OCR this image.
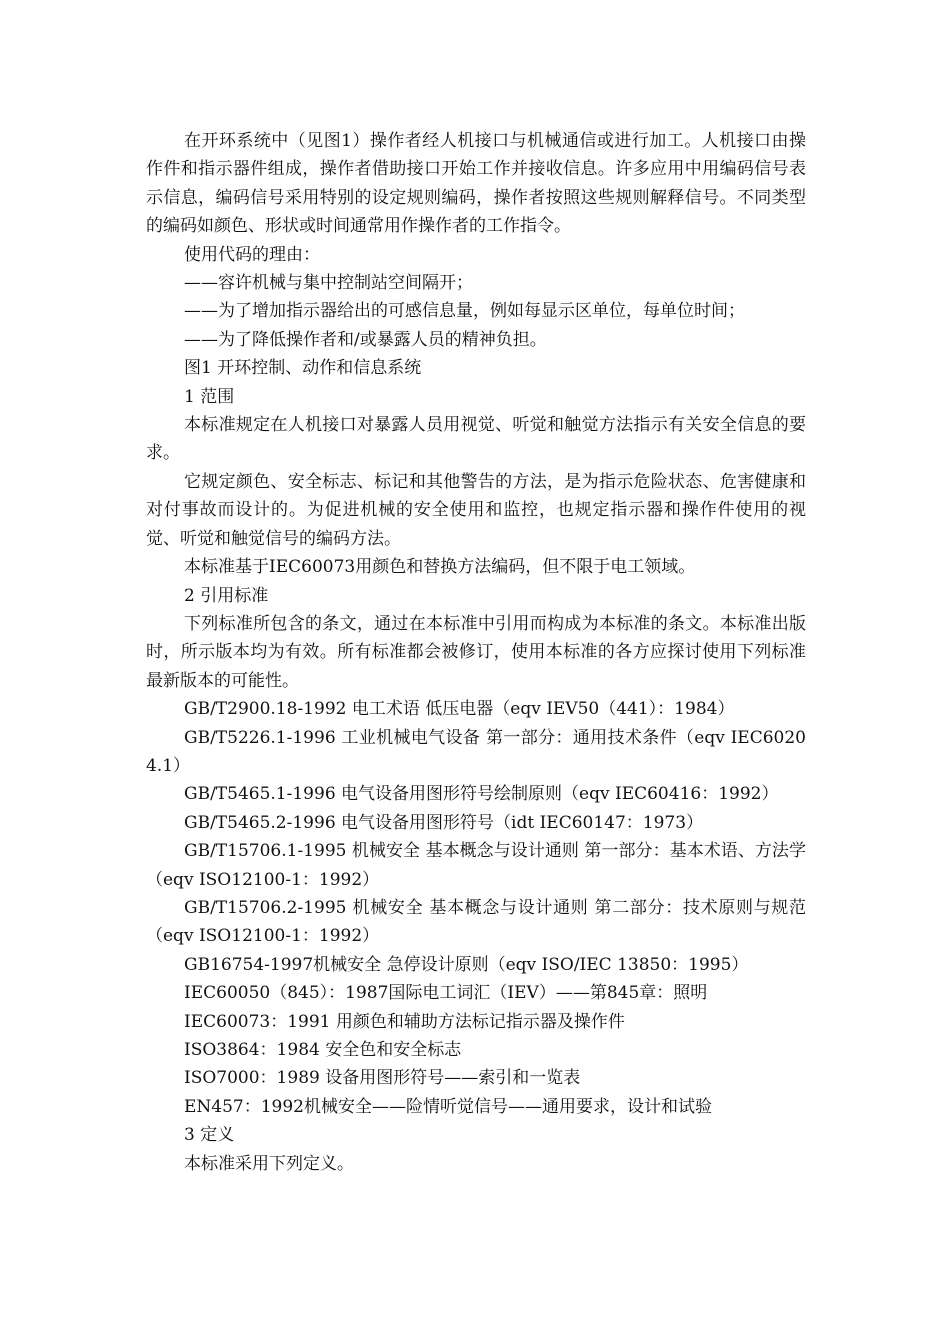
在开环系统中（见图1）操作者经人机接口与机械通信或进行加工。人机接口由操作件和指示器件组成，操作者借助接口开始工作并接收信息。许多应用中用编码信号表示信息，编码信号采用特别的设定规则编码，操作者按照这些规则解释信号。不同类型的编码如颜色、形状或时间通常用作操作者的工作指令。

使用代码的理由：

——容许机械与集中控制站空间隔开；

——为了增加指示器给出的可感信息量，例如每显示区单位，每单位时间；

——为了降低操作者和/或暴露人员的精神负担。

图1 开环控制、动作和信息系统

1 范围

本标准规定在人机接口对暴露人员用视觉、听觉和触觉方法指示有关安全信息的要求。

它规定颜色、安全标志、标记和其他警告的方法，是为指示危险状态、危害健康和对付事故而设计的。为促进机械的安全使用和监控，也规定指示器和操作件使用的视觉、听觉和触觉信号的编码方法。

本标准基于IEC60073用颜色和替换方法编码，但不限于电工领域。

2 引用标准

下列标准所包含的条文，通过在本标准中引用而构成为本标准的条文。本标准出版时，所示版本均为有效。所有标准都会被修订，使用本标准的各方应探讨使用下列标准最新版本的可能性。

GB/T2900.18-1992 电工术语 低压电器（eqv IEV50（441）：1984）

GB/T5226.1-1996 工业机械电气设备 第一部分：通用技术条件（eqv IEC60204.1）

GB/T5465.1-1996 电气设备用图形符号绘制原则（eqv IEC60416：1992）

GB/T5465.2-1996 电气设备用图形符号（idt IEC60147：1973）

GB/T15706.1-1995 机械安全 基本概念与设计通则 第一部分：基本术语、方法学（eqv ISO12100-1：1992）

GB/T15706.2-1995 机械安全 基本概念与设计通则 第二部分：技术原则与规范（eqv ISO12100-1：1992）

GB16754-1997机械安全 急停设计原则（eqv ISO/IEC 13850：1995）

IEC60050（845）：1987国际电工词汇（IEV）——第845章：照明

IEC60073：1991 用颜色和辅助方法标记指示器及操作件

ISO3864：1984 安全色和安全标志

ISO7000：1989 设备用图形符号——索引和一览表

EN457：1992机械安全——险情听觉信号——通用要求，设计和试验

3 定义

本标准采用下列定义。
